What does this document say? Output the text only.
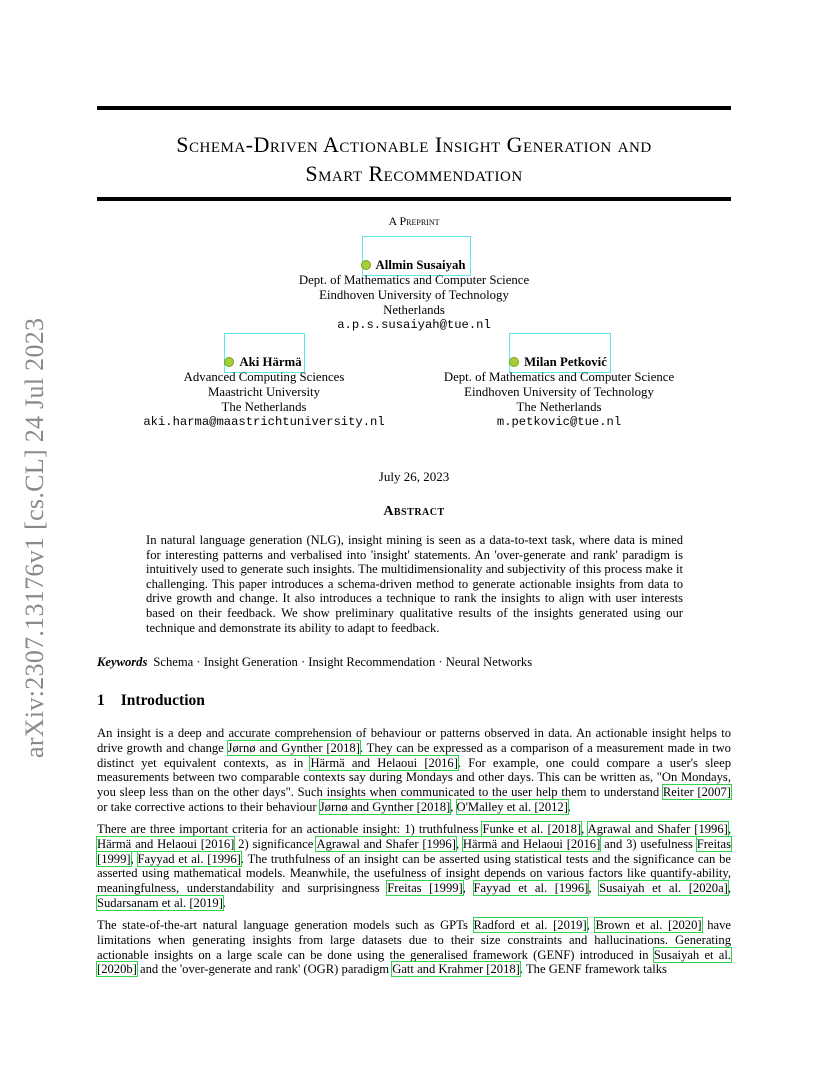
arXiv:2307.13176v1 [cs.CL] 24 Jul 2023
Schema-Driven Actionable Insight Generation and
Smart Recommendation
A Preprint
Allmin Susaiyah
Dept. of Mathematics and Computer Science
Eindhoven University of Technology
Netherlands
a.p.s.susaiyah@tue.nl
Aki Härmä
Advanced Computing Sciences
Maastricht University
The Netherlands
aki.harma@maastrichtuniversity.nl
Milan Petković
Dept. of Mathematics and Computer Science
Eindhoven University of Technology
The Netherlands
m.petkovic@tue.nl
July 26, 2023
Abstract
In natural language generation (NLG), insight mining is seen as a data-to-text task, where data is mined for interesting patterns and verbalised into 'insight' statements. An 'over-generate and rank' paradigm is intuitively used to generate such insights. The multidimensionality and subjectivity of this process make it challenging. This paper introduces a schema-driven method to generate actionable insights from data to drive growth and change. It also introduces a technique to rank the insights to align with user interests based on their feedback. We show preliminary qualitative results of the insights generated using our technique and demonstrate its ability to adapt to feedback.
Keywords Schema · Insight Generation · Insight Recommendation · Neural Networks
1 Introduction
An insight is a deep and accurate comprehension of behaviour or patterns observed in data. An actionable insight helps to drive growth and change Jørnø and Gynther [2018]. They can be expressed as a comparison of a measurement made in two distinct yet equivalent contexts, as in Härmä and Helaoui [2016]. For example, one could compare a user's sleep measurements between two comparable contexts say during Mondays and other days. This can be written as, "On Mondays, you sleep less than on the other days". Such insights when communicated to the user help them to understand Reiter [2007] or take corrective actions to their behaviour Jørnø and Gynther [2018], O'Malley et al. [2012].
There are three important criteria for an actionable insight: 1) truthfulness Funke et al. [2018], Agrawal and Shafer [1996], Härmä and Helaoui [2016] 2) significance Agrawal and Shafer [1996], Härmä and Helaoui [2016] and 3) usefulness Freitas [1999], Fayyad et al. [1996]. The truthfulness of an insight can be asserted using statistical tests and the significance can be asserted using mathematical models. Meanwhile, the usefulness of insight depends on various factors like quantify-ability, meaningfulness, understandability and surprisingness Freitas [1999], Fayyad et al. [1996], Susaiyah et al. [2020a], Sudarsanam et al. [2019].
The state-of-the-art natural language generation models such as GPTs Radford et al. [2019], Brown et al. [2020] have limitations when generating insights from large datasets due to their size constraints and hallucinations. Generating actionable insights on a large scale can be done using the generalised framework (GENF) introduced in Susaiyah et al. [2020b] and the 'over-generate and rank' (OGR) paradigm Gatt and Krahmer [2018]. The GENF framework talks
